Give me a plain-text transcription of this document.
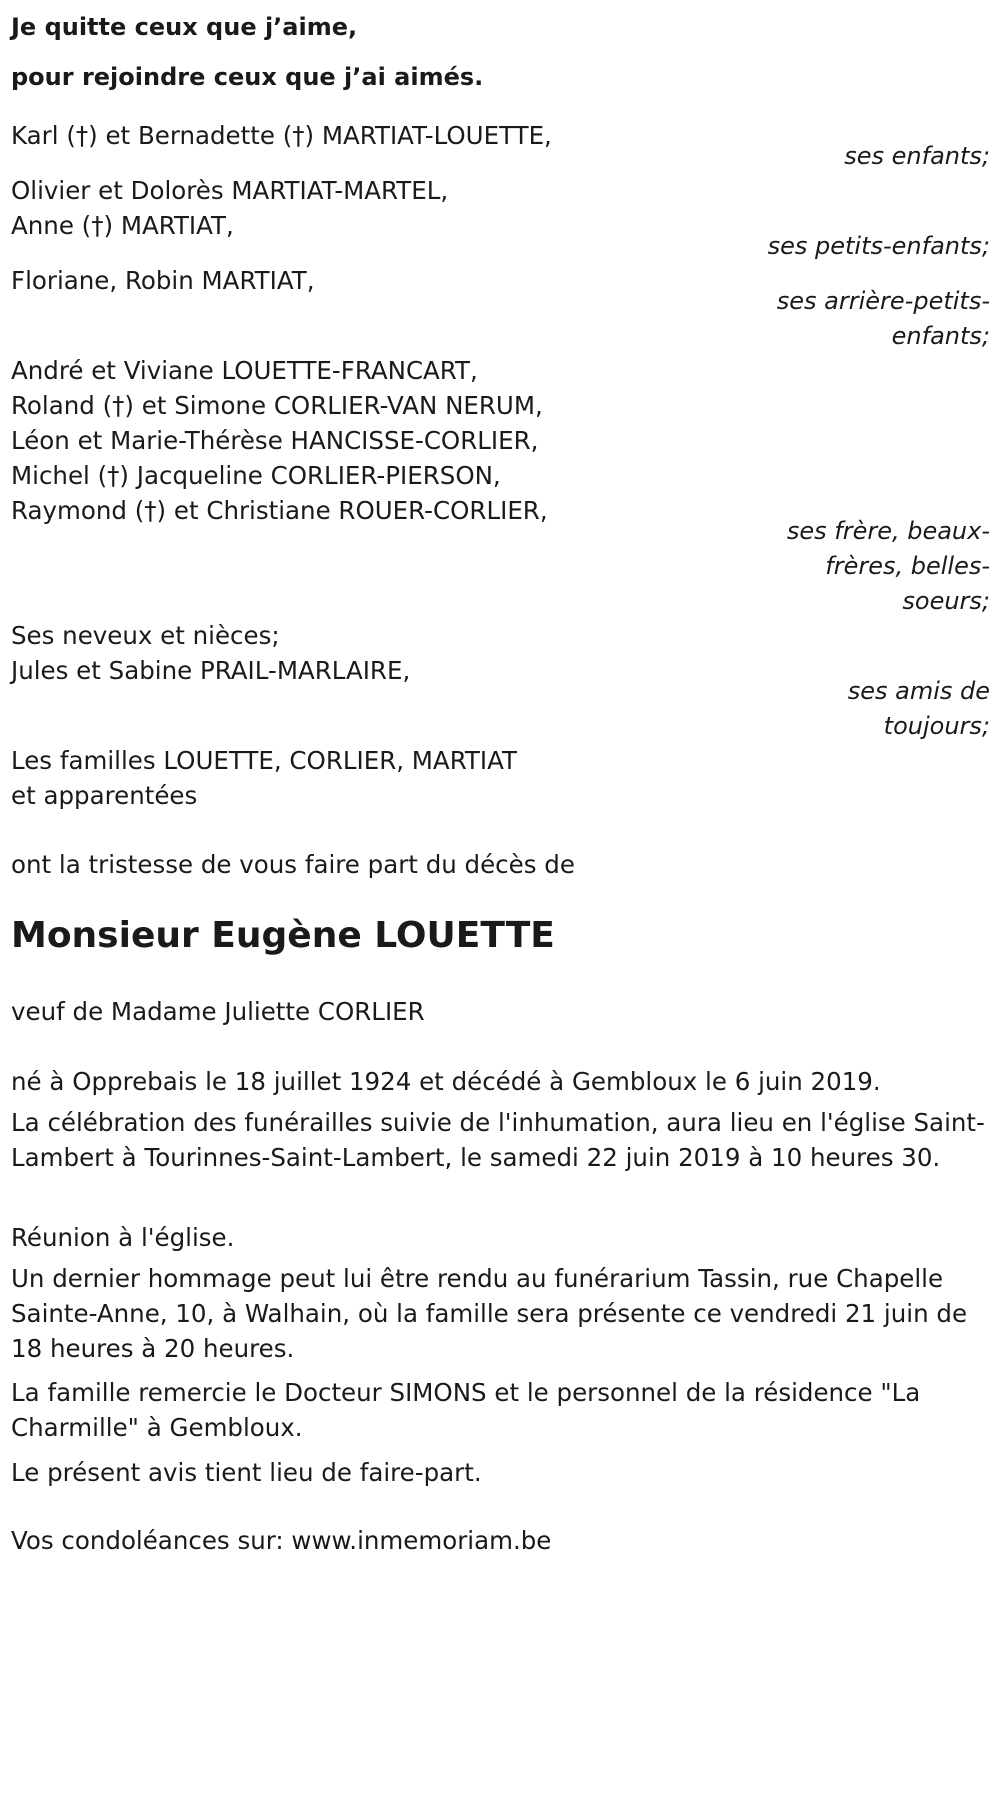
Je quitte ceux que j’aime,
pour rejoindre ceux que j’ai aimés.
Karl (†) et Bernadette (†) MARTIAT-LOUETTE,
ses enfants;
Olivier et Dolorès MARTIAT-MARTEL,
Anne (†) MARTIAT,
ses petits-enfants;
Floriane, Robin MARTIAT,
ses arrière-petits-
enfants;
André et Viviane LOUETTE-FRANCART,
Roland (†) et Simone CORLIER-VAN NERUM,
Léon et Marie-Thérèse HANCISSE-CORLIER,
Michel (†) Jacqueline CORLIER-PIERSON,
Raymond (†) et Christiane ROUER-CORLIER,
ses frère, beaux-
frères, belles-
soeurs;
Ses neveux et nièces;
Jules et Sabine PRAIL-MARLAIRE,
ses amis de
toujours;
Les familles LOUETTE, CORLIER, MARTIAT
et apparentées
ont la tristesse de vous faire part du décès de
Monsieur Eugène LOUETTE
veuf de Madame Juliette CORLIER
né à Opprebais le 18 juillet 1924 et décédé à Gembloux le 6 juin 2019.
La célébration des funérailles suivie de l'inhumation, aura lieu en l'église Saint-Lambert à Tourinnes-Saint-Lambert, le samedi 22 juin 2019 à 10 heures 30.
Réunion à l'église.
Un dernier hommage peut lui être rendu au funérarium Tassin, rue Chapelle Sainte-Anne, 10, à Walhain, où la famille sera présente ce vendredi 21 juin de 18 heures à 20 heures.
La famille remercie le Docteur SIMONS et le personnel de la résidence "La Charmille" à Gembloux.
Le présent avis tient lieu de faire-part.
Vos condoléances sur: www.inmemoriam.be
